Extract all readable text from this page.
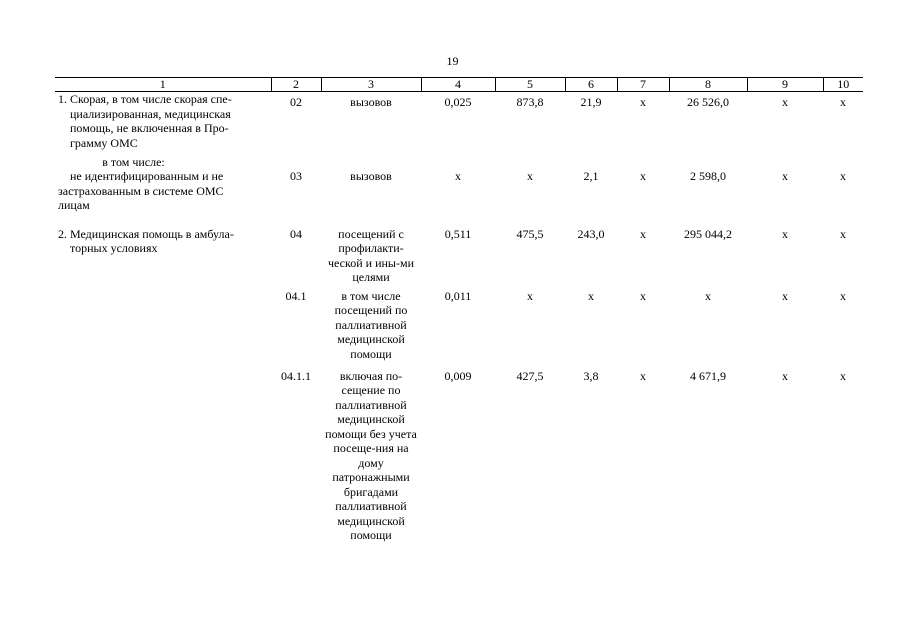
19
1	2	3	4	5	6	7	8	9	10

1. Скорая, в том числе скорая спе-
циализированная, медицинская
помощь, не включенная в Про-
грамму ОМС	02	вызовов	0,025	873,8	21,9	х	26 526,0	х	х

в том числе:
не идентифицированным и не
застрахованным в системе ОМС
лицам	03	вызовов	х	х	2,1	х	2 598,0	х	х

2. Медицинская помощь в амбула-
торных условиях	04	посещений с профилакти-ческой и ины-ми целями	0,511	475,5	243,0	х	295 044,2	х	х
	04.1	в том числе посещений по паллиативной медицинской помощи	0,011	х	х	х	х	х	х
	04.1.1	включая по-сещение по паллиативной медицинской помощи без учета посеще-ния на дому патронажными бригадами паллиативной медицинской помощи	0,009	427,5	3,8	х	4 671,9	х	х
